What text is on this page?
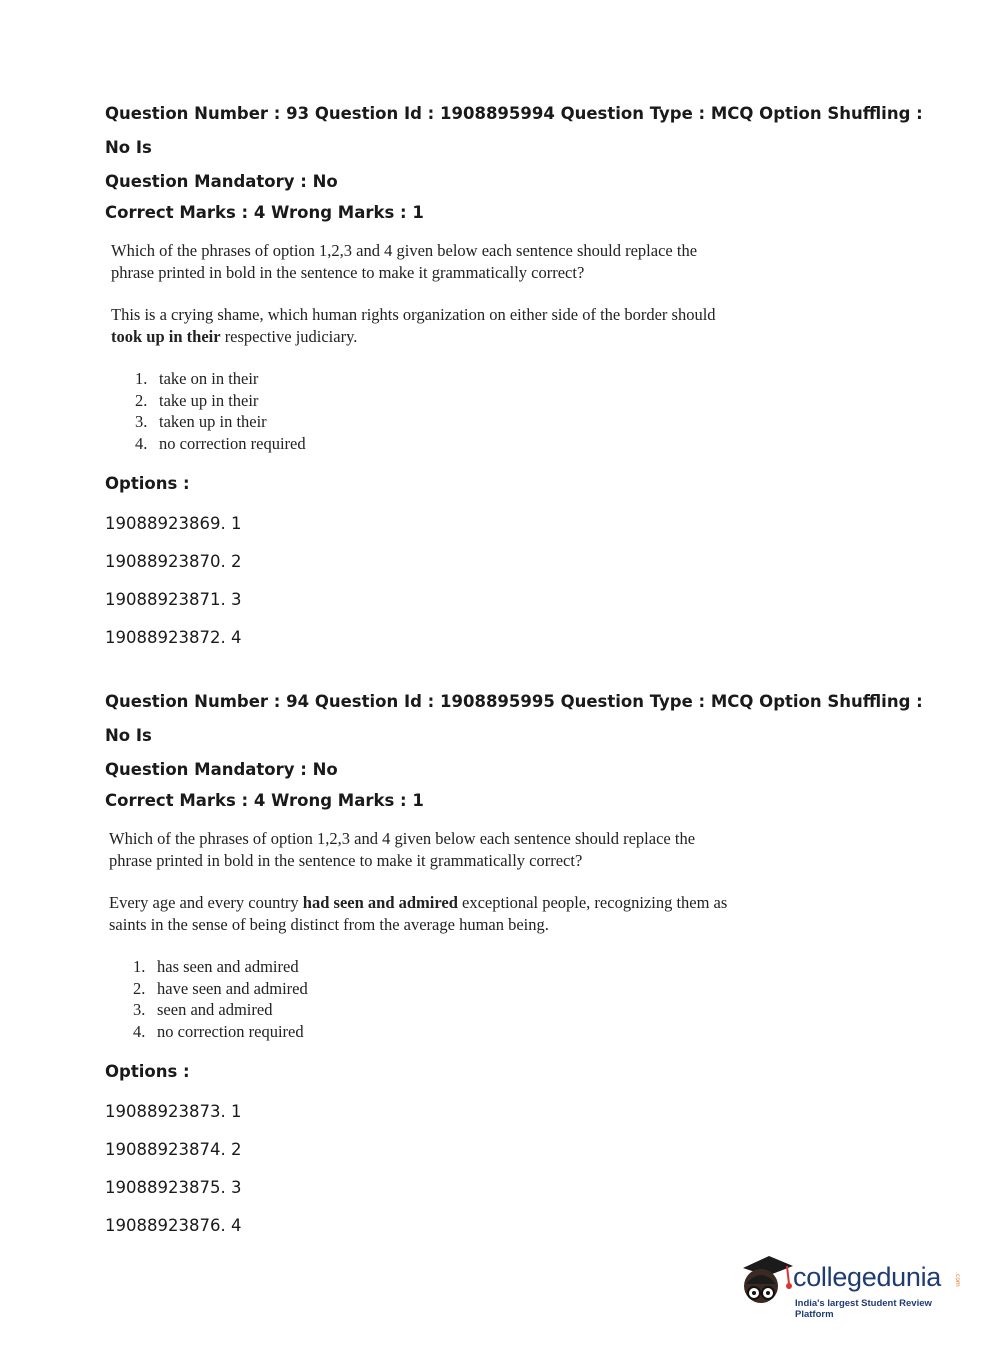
Question Number : 93 Question Id : 1908895994 Question Type : MCQ Option Shuffling : No Is

Question Mandatory : No

Correct Marks : 4 Wrong Marks : 1

Which of the phrases of option 1,2,3 and 4 given below each sentence should replace the

phrase printed in bold in the sentence to make it grammatically correct?

This is a crying shame, which human rights organization on either side of the border should

took up in their respective judiciary.

1. take on in their
2. take up in their
3. taken up in their
4. no correction required
Options :
19088923869. 1
19088923870. 2
19088923871. 3
19088923872. 4

Question Number : 94 Question Id : 1908895995 Question Type : MCQ Option Shuffling : No Is

Question Mandatory : No

Correct Marks : 4 Wrong Marks : 1

Which of the phrases of option 1,2,3 and 4 given below each sentence should replace the

phrase printed in bold in the sentence to make it grammatically correct?

Every age and every country had seen and admired exceptional people, recognizing them as

saints in the sense of being distinct from the average human being.

1. has seen and admired
2. have seen and admired
3. seen and admired
4. no correction required
Options :
19088923873. 1
19088923874. 2
19088923875. 3
19088923876. 4
collegedunia .com
India's largest Student Review Platform
